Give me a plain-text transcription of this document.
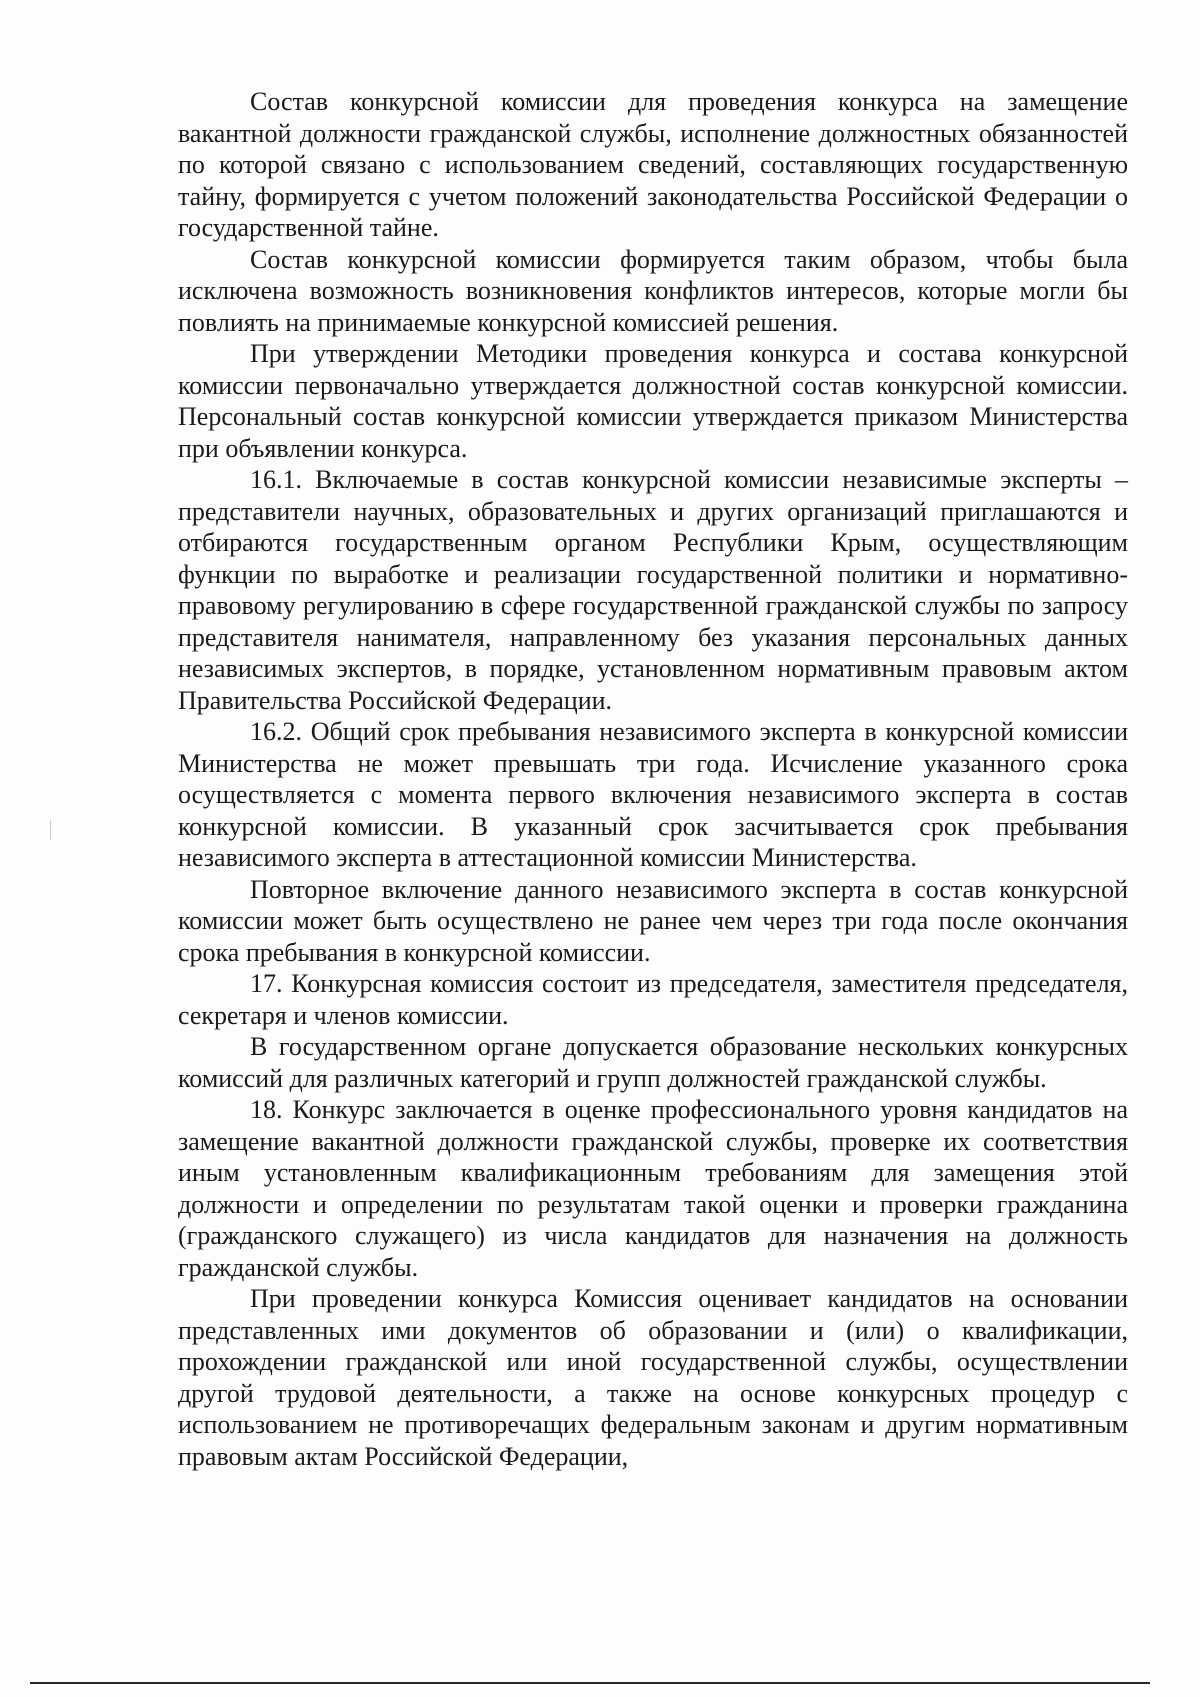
Состав конкурсной комиссии для проведения конкурса на замещение вакантной должности гражданской службы, исполнение должностных обязанностей по которой связано с использованием сведений, составляющих государственную тайну, формируется с учетом положений законодательства Российской Федерации о государственной тайне.

Состав конкурсной комиссии формируется таким образом, чтобы была исключена возможность возникновения конфликтов интересов, которые могли бы повлиять на принимаемые конкурсной комиссией решения.

При утверждении Методики проведения конкурса и состава конкурсной комиссии первоначально утверждается должностной состав конкурсной комиссии. Персональный состав конкурсной комиссии утверждается приказом Министерства при объявлении конкурса.

16.1. Включаемые в состав конкурсной комиссии независимые эксперты – представители научных, образовательных и других организаций приглашаются и отбираются государственным органом Республики Крым, осуществляющим функции по выработке и реализации государственной политики и нормативно-правовому регулированию в сфере государственной гражданской службы по запросу представителя нанимателя, направленному без указания персональных данных независимых экспертов, в порядке, установленном нормативным правовым актом Правительства Российской Федерации.

16.2. Общий срок пребывания независимого эксперта в конкурсной комиссии Министерства не может превышать три года. Исчисление указанного срока осуществляется с момента первого включения независимого эксперта в состав конкурсной комиссии. В указанный срок засчитывается срок пребывания независимого эксперта в аттестационной комиссии Министерства.

Повторное включение данного независимого эксперта в состав конкурсной комиссии может быть осуществлено не ранее чем через три года после окончания срока пребывания в конкурсной комиссии.

17. Конкурсная комиссия состоит из председателя, заместителя председателя, секретаря и членов комиссии.

В государственном органе допускается образование нескольких конкурсных комиссий для различных категорий и групп должностей гражданской службы.

18. Конкурс заключается в оценке профессионального уровня кандидатов на замещение вакантной должности гражданской службы, проверке их соответствия иным установленным квалификационным требованиям для замещения этой должности и определении по результатам такой оценки и проверки гражданина (гражданского служащего) из числа кандидатов для назначения на должность гражданской службы.

При проведении конкурса Комиссия оценивает кандидатов на основании представленных ими документов об образовании и (или) о квалификации, прохождении гражданской или иной государственной службы, осуществлении другой трудовой деятельности, а также на основе конкурсных процедур с использованием не противоречащих федеральным законам и другим нормативным правовым актам Российской Федерации,
